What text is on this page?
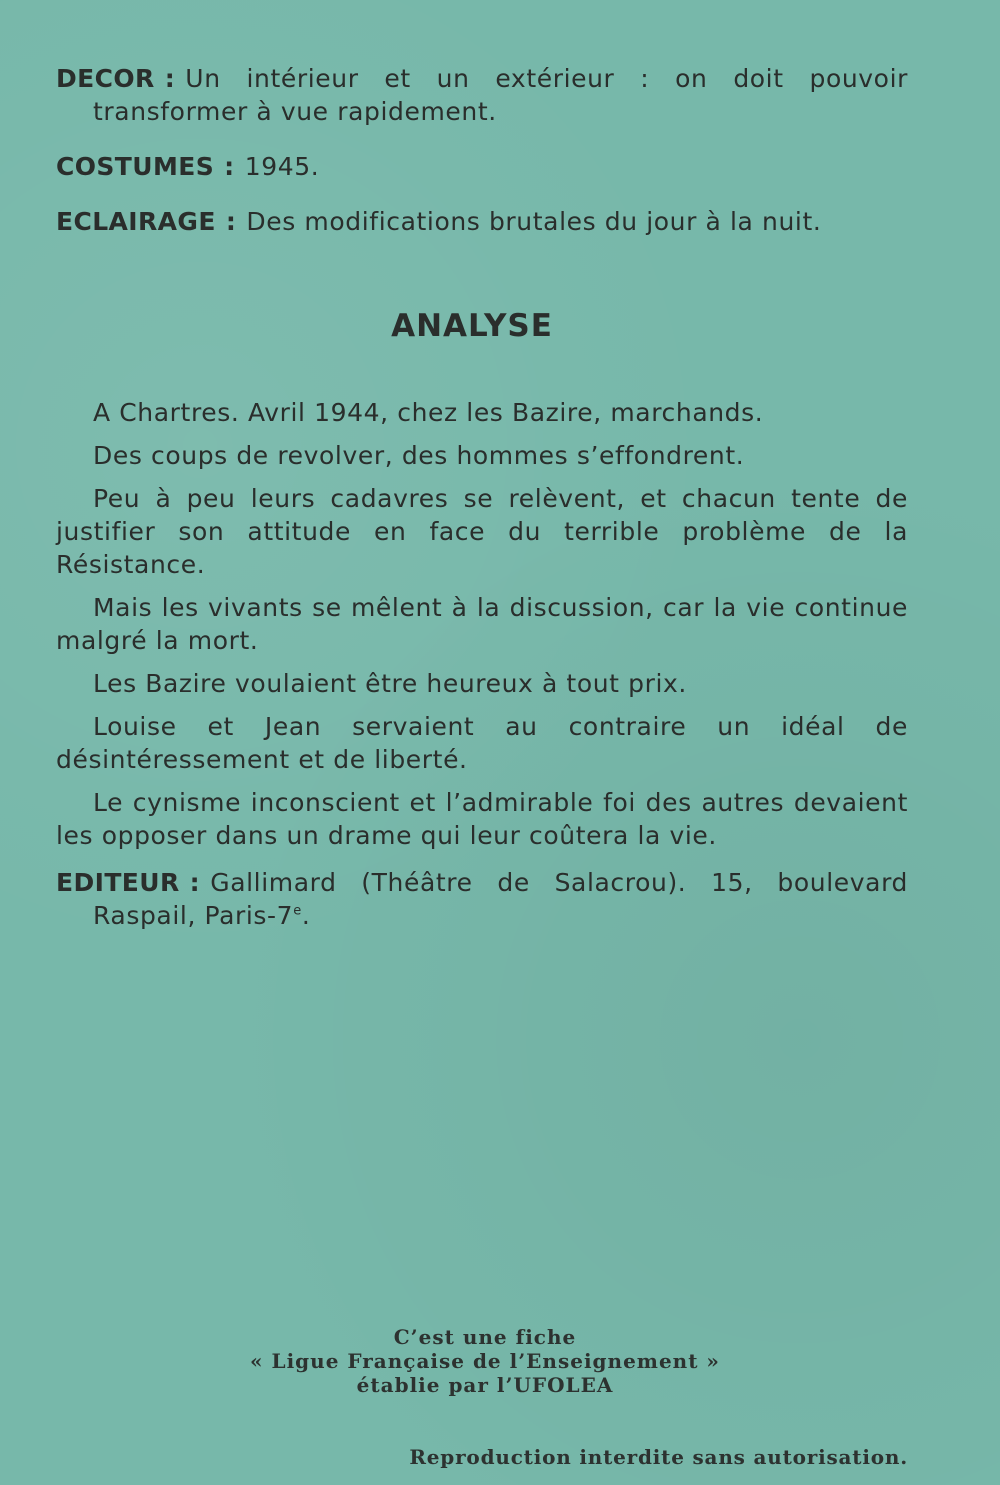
DECOR : Un intérieur et un extérieur : on doit pouvoir transformer à vue rapidement.

COSTUMES : 1945.

ECLAIRAGE : Des modifications brutales du jour à la nuit.

ANALYSE

A Chartres. Avril 1944, chez les Bazire, marchands.

Des coups de revolver, des hommes s’effondrent.

Peu à peu leurs cadavres se relèvent, et chacun tente de justifier son attitude en face du terrible problème de la Résistance.

Mais les vivants se mêlent à la discussion, car la vie continue malgré la mort.

Les Bazire voulaient être heureux à tout prix.

Louise et Jean servaient au contraire un idéal de désintéressement et de liberté.

Le cynisme inconscient et l’admirable foi des autres devaient les opposer dans un drame qui leur coûtera la vie.

EDITEUR : Gallimard (Théâtre de Salacrou). 15, boulevard Raspail, Paris-7e.

C’est une fiche
« Ligue Française de l’Enseignement »
établie par l’UFOLEA
Reproduction interdite sans autorisation.
